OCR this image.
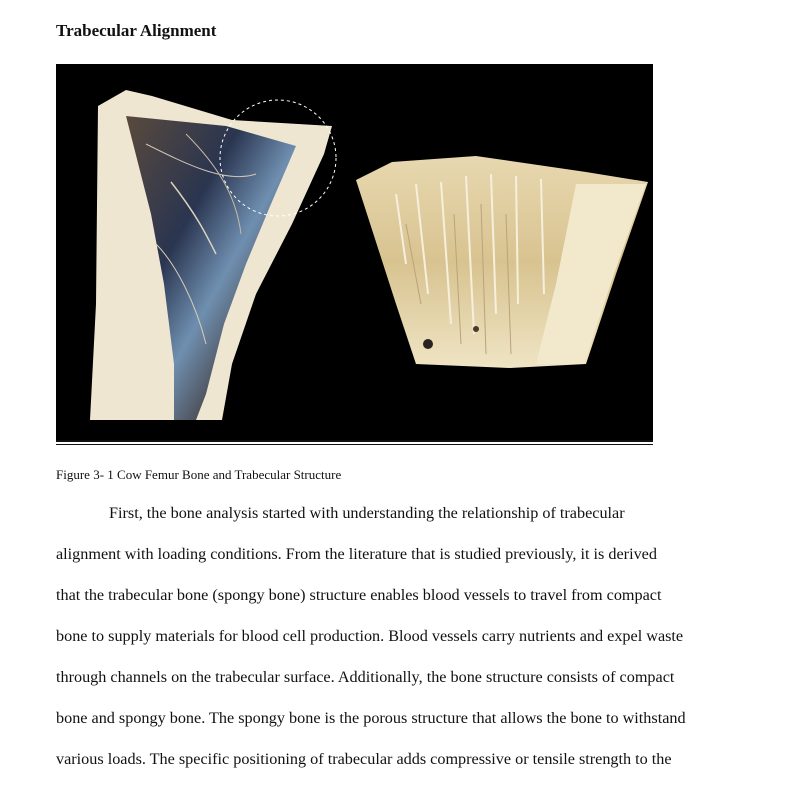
Trabecular Alignment
Figure 3- 1 Cow Femur Bone and Trabecular Structure

First, the bone analysis started with understanding the relationship of trabecular
alignment with loading conditions. From the literature that is studied previously, it is derived
that the trabecular bone (spongy bone) structure enables blood vessels to travel from compact
bone to supply materials for blood cell production. Blood vessels carry nutrients and expel waste
through channels on the trabecular surface. Additionally, the bone structure consists of compact
bone and spongy bone. The spongy bone is the porous structure that allows the bone to withstand
various loads. The specific positioning of trabecular adds compressive or tensile strength to the
